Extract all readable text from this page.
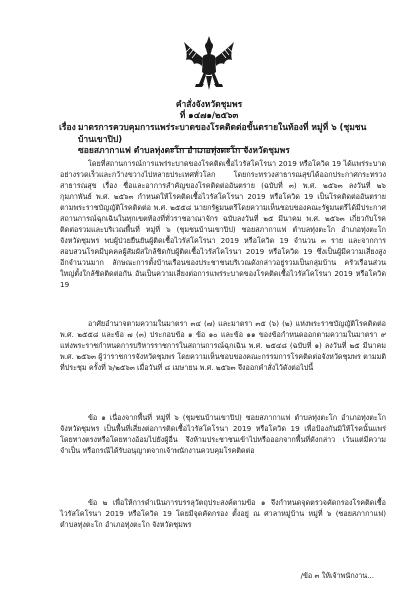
คำสั่งจังหวัดชุมพร
ที่ ๑๔๗๑/๒๕๖๓
เรื่อง มาตรการควบคุมการแพร่ระบาดของโรคติดต่อขั้นตรายในท้องที่ หมู่ที่ ๖ (ชุมชนบ้านเขาปิป)
ซอยสภากาแฟ ตำบลทุ่งตะโก อำเภอทุ่งตะโก จังหวัดชุมพร

โดยที่สถานการณ์การแพร่ระบาดของโรคติดเชื้อไวรัสโคโรนา 2019 หรือโควิด 19 ได้แพร่ระบาดอย่างรวดเร็วและกว้างขวางไปหลายประเทศทั่วโลก โดยกระทรวงสาธารณสุขได้ออกประกาศกระทรวงสาธารณสุข เรื่อง ชื่อและอาการสำคัญของโรคติดต่ออันตราย (ฉบับที่ ๓) พ.ศ. ๒๕๖๓ ลงวันที่ ๒๖ กุมภาพันธ์ พ.ศ. ๒๕๖๓ กำหนดให้โรคติดเชื้อไวรัสโคโรนา 2019 หรือโควิด 19 เป็นโรคติดต่ออันตรายตามพระราชบัญญัติโรคติดต่อ พ.ศ. ๒๕๕๘ นายกรัฐมนตรีโดยความเห็นชอบของคณะรัฐมนตรีได้มีประกาศสถานการณ์ฉุกเฉินในทุกเขตท้องที่ทั่วราชอาณาจักร ฉบับลงวันที่ ๒๕ มีนาคม พ.ศ. ๒๕๖๓ เกี่ยวกับโรคติดต่อรวมและบริเวณพื้นที่ หมู่ที่ ๖ (ชุมชนบ้านเขาปิป) ซอยสภากาแฟ ตำบลทุ่งตะโก อำเภอทุ่งตะโก จังหวัดชุมพร พบผู้ป่วยยืนยันผู้ติดเชื้อไวรัสโคโรนา 2019 หรือโควิด 19 จำนวน ๓ ราย และจากการสอบสวนโรคมีบุคคลผู้สัมผัสใกล้ชิดกับผู้ติดเชื้อไวรัสโคโรนา 2019 หรือโควิด 19 ซึ่งเป็นผู้มีความเสี่ยงสูงอีกจำนวนมาก ลักษณะการตั้งบ้านเรือนของประชาชนบริเวณดังกล่าวอยู่รวมเป็นกลุ่มบ้าน ครัวเรือนส่วนใหญ่ตั้งใกล้ชิดติดต่อกัน อันเป็นความเสี่ยงต่อการแพร่ระบาดของโรคติดเชื้อไวรัสโคโรนา 2019 หรือโควิด 19

อาศัยอำนาจตามความในมาตรา ๓๔ (๗) และมาตรา ๓๕ (๖) (๒) แห่งพระราชบัญญัติโรคติดต่อ พ.ศ. ๒๕๕๘ และข้อ ๗ (๓) ประกอบข้อ ๑ ข้อ ๑๐ และข้อ ๑๑ ของข้อกำหนดออกตามความในมาตรา ๙ แห่งพระราชกำหนดการบริหารราชการในสถานการณ์ฉุกเฉิน พ.ศ. ๒๕๔๘ (ฉบับที่ ๑) ลงวันที่ ๒๕ มีนาคม พ.ศ. ๒๕๖๓ ผู้ว่าราชการจังหวัดชุมพร โดยความเห็นชอบของคณะกรรมการโรคติดต่อจังหวัดชุมพร ตามมติที่ประชุม ครั้งที่ ๖/๒๕๖๓ เมื่อวันที่ ๘ เมษายน พ.ศ. ๒๕๖๓ จึงออกคำสั่งไว้ดังต่อไปนี้

ข้อ ๑ เนื่องจากพื้นที่ หมู่ที่ ๖ (ชุมชนบ้านเขาปิป) ซอยสภากาแฟ ตำบลทุ่งตะโก อำเภอทุ่งตะโก จังหวัดชุมพร เป็นพื้นที่เสี่ยงต่อการติดเชื้อไวรัสโคโรนา 2019 หรือโควิด 19 เพื่อป้องกันมิให้โรคนั้นแพร่โดยทางตรงหรือโดยทางอ้อมไปยังผู้อื่น จึงห้ามประชาชนเข้าไปหรือออกจากพื้นที่ดังกล่าว เว้นแต่มีความจำเป็น หรือกรณีได้รับอนุญาตจากเจ้าพนักงานควบคุมโรคติดต่อ

ข้อ ๒ เพื่อให้การดำเนินการบรรลุวัตถุประสงค์ตามข้อ ๑ จึงกำหนดจุดตรวจคัดกรองโรคติดเชื้อไวรัสโคโรนา 2019 หรือโควิด 19 โดยมีจุดคัดกรอง ตั้งอยู่ ณ ศาลาหมู่บ้าน หมู่ที่ ๖ (ซอยสภากาแฟ) ตำบลทุ่งตะโก อำเภอทุ่งตะโก จังหวัดชุมพร

/ข้อ ๓ ให้เจ้าพนักงาน...
